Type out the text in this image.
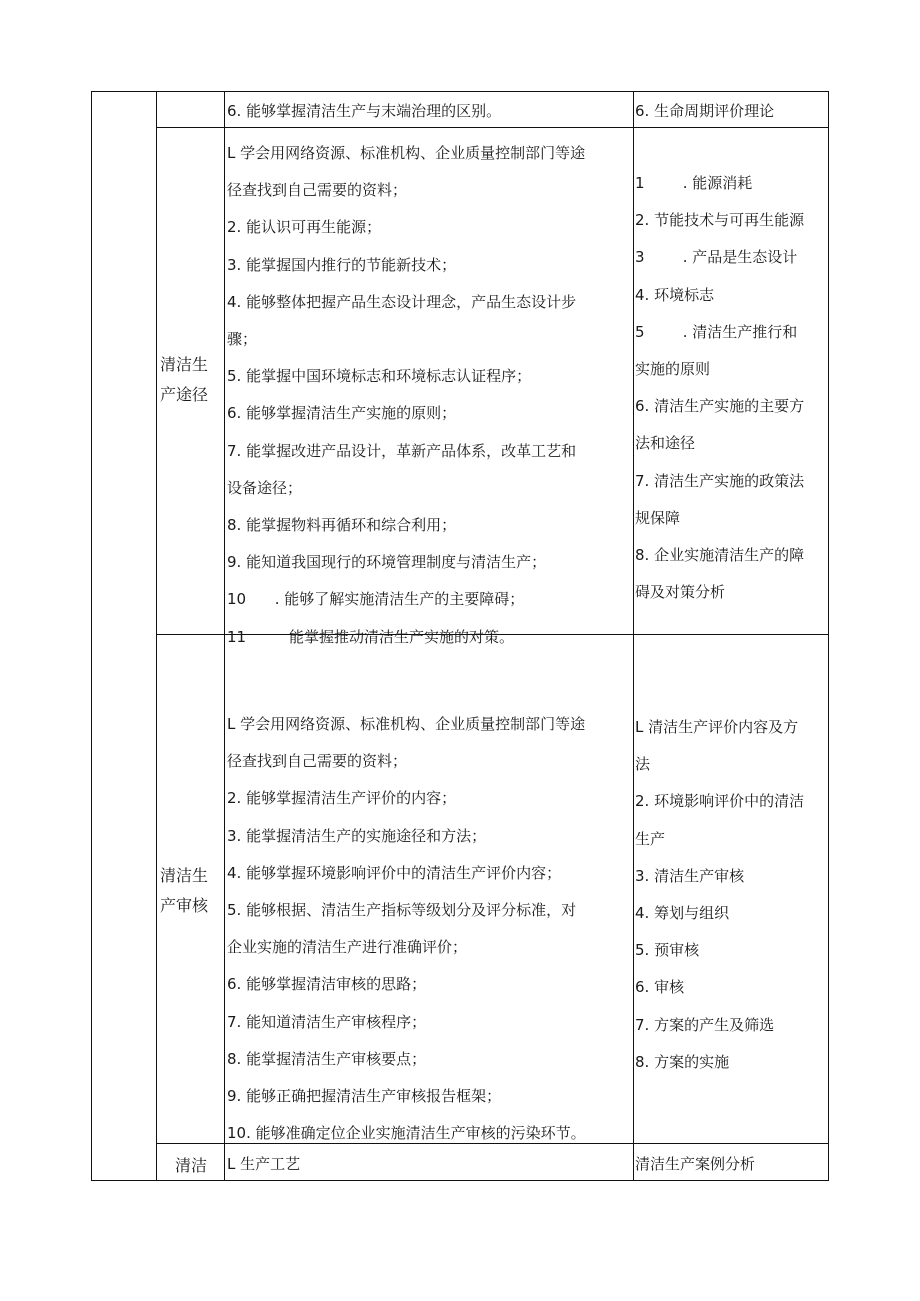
6. 能够掌握清洁生产与末端治理的区别。	6. 生命周期评价理论
清洁生
产途径
L 学会用网络资源、标准机构、企业质量控制部门等途
径查找到自己需要的资料；
2. 能认识可再生能源；
3. 能掌握国内推行的节能新技术；
4. 能够整体把握产品生态设计理念，产品生态设计步
骤；
5. 能掌握中国环境标志和环境标志认证程序；
6. 能够掌握清洁生产实施的原则；
7. 能掌握改进产品设计，革新产品体系，改革工艺和
设备途径；
8. 能掌握物料再循环和综合利用；
9. 能知道我国现行的环境管理制度与清洁生产；
10      . 能够了解实施清洁生产的主要障碍；
11         能掌握推动清洁生产实施的对策。
1        . 能源消耗
2. 节能技术与可再生能源
3        . 产品是生态设计
4. 环境标志
5        . 清洁生产推行和
实施的原则
6. 清洁生产实施的主要方
法和途径
7. 清洁生产实施的政策法
规保障
8. 企业实施清洁生产的障
碍及对策分析
清洁生
产审核
L 学会用网络资源、标准机构、企业质量控制部门等途
径查找到自己需要的资料；
2. 能够掌握清洁生产评价的内容；
3. 能掌握清洁生产的实施途径和方法；
4. 能够掌握环境影响评价中的清洁生产评价内容；
5. 能够根据、清洁生产指标等级划分及评分标准，对
企业实施的清洁生产进行准确评价；
6. 能够掌握清洁审核的思路；
7. 能知道清洁生产审核程序；
8. 能掌握清洁生产审核要点；
9. 能够正确把握清洁生产审核报告框架；
10. 能够准确定位企业实施清洁生产审核的污染环节。
L 清洁生产评价内容及方
法
2. 环境影响评价中的清洁
生产
3. 清洁生产审核
4. 筹划与组织
5. 预审核
6. 审核
7. 方案的产生及筛选
8. 方案的实施
清洁 L 生产工艺	清洁生产案例分析
